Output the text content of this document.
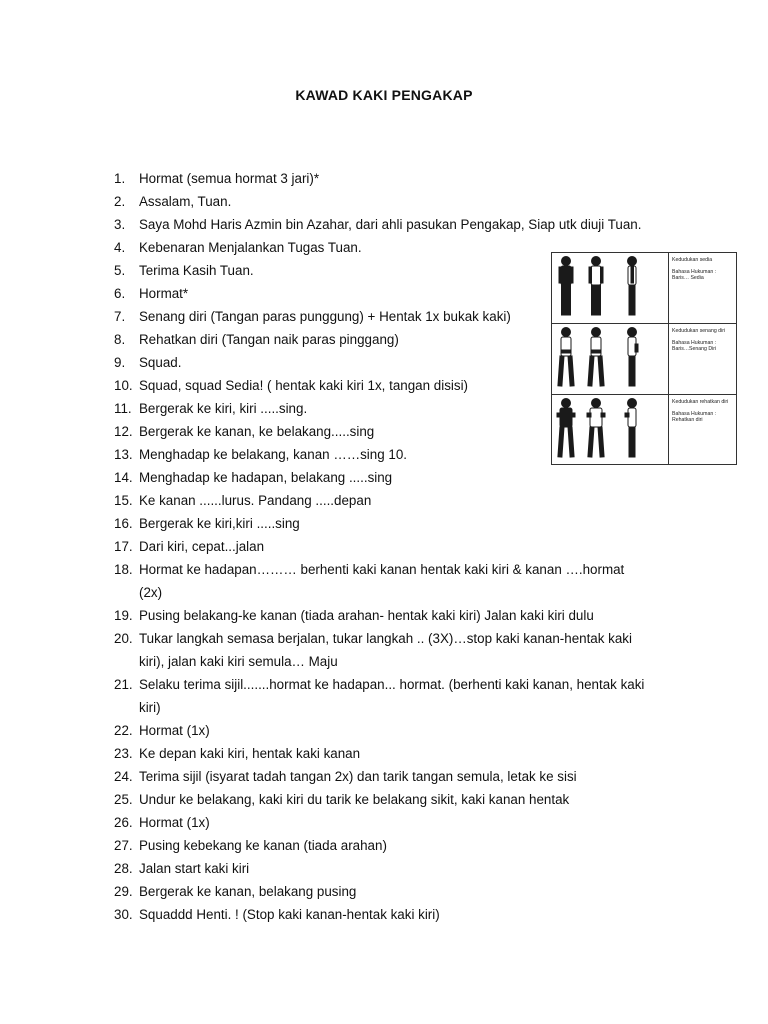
KAWAD KAKI PENGAKAP
1.	Hormat (semua hormat 3 jari)*
2.	Assalam, Tuan.
3.	Saya Mohd Haris Azmin bin Azahar, dari ahli pasukan Pengakap, Siap utk diuji Tuan.
4.	Kebenaran Menjalankan Tugas Tuan.
5.	Terima Kasih Tuan.
6.	Hormat*
7.	Senang diri (Tangan paras punggung) + Hentak 1x bukak kaki)
8.	Rehatkan diri (Tangan naik paras pinggang)
9.	Squad.
10. Squad, squad Sedia! ( hentak kaki kiri 1x, tangan disisi)
11. Bergerak ke kiri, kiri .....sing.
12. Bergerak ke kanan, ke belakang.....sing
13. Menghadap ke belakang, kanan ……sing 10.
14. Menghadap ke hadapan, belakang .....sing
15. Ke kanan ......lurus. Pandang .....depan
16. Bergerak ke kiri,kiri .....sing
17. Dari kiri, cepat...jalan
18. Hormat ke hadapan……… berhenti kaki kanan hentak kaki kiri & kanan ….hormat
(2x)
19. Pusing belakang-ke kanan (tiada arahan- hentak kaki kiri) Jalan kaki kiri dulu
20. Tukar langkah semasa berjalan, tukar langkah .. (3X)…stop kaki kanan-hentak kaki
kiri), jalan kaki kiri semula… Maju
21. Selaku terima sijil.......hormat ke hadapan... hormat. (berhenti kaki kanan, hentak kaki
kiri)
22. Hormat (1x)
23. Ke depan kaki kiri, hentak kaki kanan
24. Terima sijil (isyarat tadah tangan 2x) dan tarik tangan semula, letak ke sisi
25. Undur ke belakang, kaki kiri du tarik ke belakang sikit, kaki kanan hentak
26. Hormat (1x)
27. Pusing kebekang ke kanan (tiada arahan)
28. Jalan start kaki kiri
29. Bergerak ke kanan, belakang pusing
30. Squaddd Henti. ! (Stop kaki kanan-hentak kaki kiri)
Kedudukan sedia
Bahasa Hukuman : Baris… Sedia
Kedudukan senang diri
Bahasa Hukuman : Baris…Senang Diri
Kedudukan rehatkan diri
Bahasa Hukuman : Rehatkan diri
